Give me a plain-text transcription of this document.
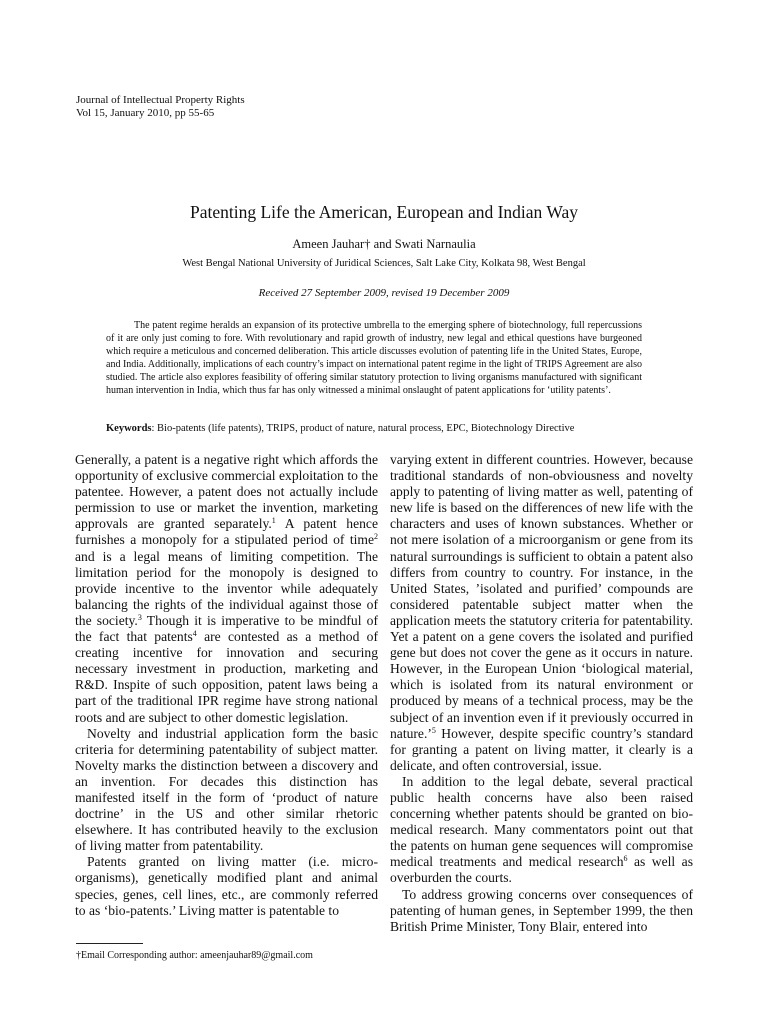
Journal of Intellectual Property Rights
Vol 15, January 2010, pp 55-65
Patenting Life the American, European and Indian Way
Ameen Jauhar† and Swati Narnaulia
West Bengal National University of Juridical Sciences, Salt Lake City, Kolkata 98, West Bengal
Received 27 September 2009, revised 19 December 2009
The patent regime heralds an expansion of its protective umbrella to the emerging sphere of biotechnology, full repercussions of it are only just coming to fore. With revolutionary and rapid growth of industry, new legal and ethical questions have burgeoned which require a meticulous and concerned deliberation. This article discusses evolution of patenting life in the United States, Europe, and India. Additionally, implications of each country’s impact on international patent regime in the light of TRIPS Agreement are also studied. The article also explores feasibility of offering similar statutory protection to living organisms manufactured with significant human intervention in India, which thus far has only witnessed a minimal onslaught of patent applications for ‘utility patents’.
Keywords: Bio-patents (life patents), TRIPS, product of nature, natural process, EPC, Biotechnology Directive

Generally, a patent is a negative right which affords the opportunity of exclusive commercial exploitation to the patentee. However, a patent does not actually include permission to use or market the invention, marketing approvals are granted separately.$^1$ A patent hence furnishes a monopoly for a stipulated period of time$^2$ and is a legal means of limiting competition. The limitation period for the monopoly is designed to provide incentive to the inventor while adequately balancing the rights of the individual against those of the society.$^3$ Though it is imperative to be mindful of the fact that patents$^4$ are contested as a method of creating incentive for innovation and securing necessary investment in production, marketing and R&D. Inspite of such opposition, patent laws being a part of the traditional IPR regime have strong national roots and are subject to other domestic legislation.

Novelty and industrial application form the basic criteria for determining patentability of subject matter. Novelty marks the distinction between a discovery and an invention. For decades this distinction has manifested itself in the form of ‘product of nature doctrine’ in the US and other similar rhetoric elsewhere. It has contributed heavily to the exclusion of living matter from patentability.

Patents granted on living matter (i.e. micro-organisms), genetically modified plant and animal species, genes, cell lines, etc., are commonly referred to as ‘bio-patents.’ Living matter is patentable to

varying extent in different countries. However, because traditional standards of non-obviousness and novelty apply to patenting of living matter as well, patenting of new life is based on the differences of new life with the characters and uses of known substances. Whether or not mere isolation of a microorganism or gene from its natural surroundings is sufficient to obtain a patent also differs from country to country. For instance, in the United States, ’isolated and purified’ compounds are considered patentable subject matter when the application meets the statutory criteria for patentability. Yet a patent on a gene covers the isolated and purified gene but does not cover the gene as it occurs in nature. However, in the European Union ‘biological material, which is isolated from its natural environment or produced by means of a technical process, may be the subject of an invention even if it previously occurred in nature.’$^5$ However, despite specific country’s standard for granting a patent on living matter, it clearly is a delicate, and often controversial, issue.

In addition to the legal debate, several practical public health concerns have also been raised concerning whether patents should be granted on bio-medical research. Many commentators point out that the patents on human gene sequences will compromise medical treatments and medical research$^6$ as well as overburden the courts.

To address growing concerns over consequences of patenting of human genes, in September 1999, the then British Prime Minister, Tony Blair, entered into

†Email Corresponding author: ameenjauhar89@gmail.com
